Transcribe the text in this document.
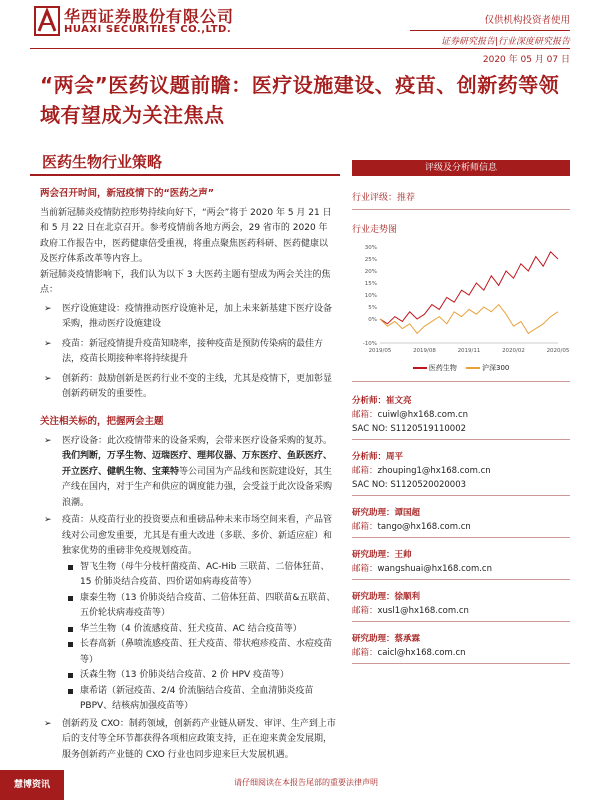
华西证券股份有限公司
HUAXI SECURITIES CO.,LTD.
仅供机构投资者使用
证券研究报告|行业深度研究报告
2020 年 05 月 07 日
“两会”医药议题前瞻：医疗设施建设、疫苗、创新药等领域有望成为关注焦点
医药生物行业策略
两会召开时间，新冠疫情下的“医药之声”

当前新冠肺炎疫情防控形势持续向好下，“两会”将于 2020 年 5 月 21 日和 5 月 22 日在北京召开。参考疫情前各地方两会，29 省市的 2020 年政府工作报告中，医药健康倍受重视，将重点聚焦医药科研、医药健康以及医疗体系改革等内容上。

新冠肺炎疫情影响下，我们认为以下 3 大医药主题有望成为两会关注的焦点：

➢ 医疗设施建设：疫情推动医疗设施补足，加上未来新基建下医疗设备采购，推动医疗设施建设

➢ 疫苗：新冠疫情提升疫苗知晓率，接种疫苗是预防传染病的最佳方法，疫苗长期接种率将持续提升

➢ 创新药：鼓励创新是医药行业不变的主线，尤其是疫情下，更加彰显创新药研发的重要性。

关注相关标的，把握两会主题

➢ 医疗设备：此次疫情带来的设备采购，会带来医疗设备采购的复苏。我们判断，万孚生物、迈瑞医疗、理邦仪器、万东医疗、鱼跃医疗、开立医疗、健帆生物、宝莱特等公司国为产品线和医院建设好，其生产线在国内，对于生产和供应的调度能力强，会受益于此次设备采购浪潮。

➢ 疫苗：从疫苗行业的投资要点和重磅品种未来市场空间来看，产品管线对公司愈发重要，尤其是有重大改进（多联、多价、新适应症）和独家优势的重磅非免疫规划疫苗。

智飞生物（母牛分枝杆菌疫苗、AC-Hib 三联苗、二倍体狂苗、15 价肺炎结合疫苗、四价诺如病毒疫苗等）

康泰生物（13 价肺炎结合疫苗、二倍体狂苗、四联苗&五联苗、五价轮状病毒疫苗等）

华兰生物（4 价流感疫苗、狂犬疫苗、AC 结合疫苗等）

长春高新（鼻喷流感疫苗、狂犬疫苗、带状疱疹疫苗、水痘疫苗等）

沃森生物（13 价肺炎结合疫苗、2 价 HPV 疫苗等）

康希诺（新冠疫苗、2/4 价流脑结合疫苗、全血清肺炎疫苗 PBPV、结核病加强疫苗等）

➢ 创新药及 CXO：制药领域，创新药产业链从研发、审评、生产到上市后的支付等全环节都获得各项相应政策支持，正在迎来黄金发展期，服务创新药产业链的 CXO 行业也同步迎来巨大发展机遇。

评级及分析师信息
行业评级：推荐
行业走势图
2019/05	2019/08	2019/11	2020/02	2020/05
-10%
0%
5%
10%
15%
20%
25%
30%
医药生物	沪深300
分析师：崔文亮
邮箱：cuiwl@hx168.com.cn
SAC NO: S1120519110002
分析师：周平
邮箱：zhouping1@hx168.com.cn
SAC NO: S1120520020003
研究助理：谭国超
邮箱：tango@hx168.com.cn
研究助理：王帅
邮箱：wangshuai@hx168.com.cn
研究助理：徐顺利
邮箱：xusl1@hx168.com.cn
研究助理：蔡承霖
邮箱：caicl@hx168.com.cn
慧博资讯	请仔细阅读在本报告尾部的重要法律声明
